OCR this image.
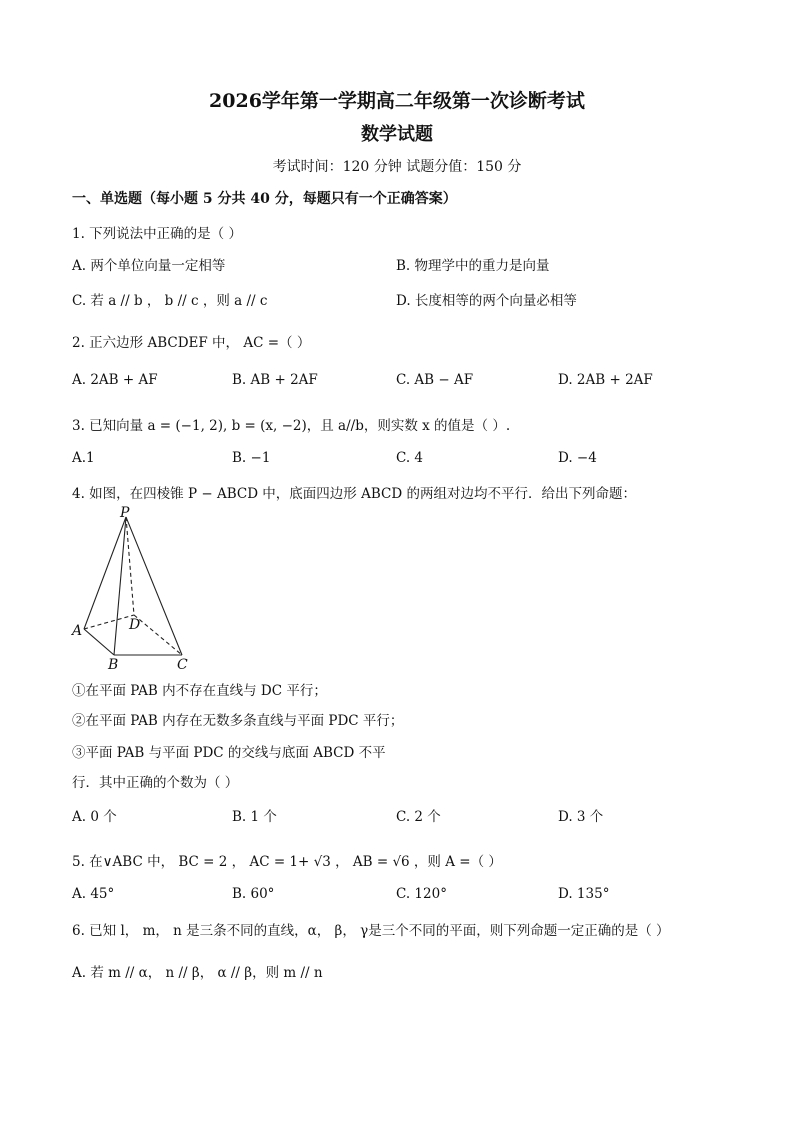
2026学年第一学期高二年级第一次诊断考试
数学试题
考试时间：120 分钟 试题分值：150 分
一、单选题（每小题 5 分共 40 分，每题只有一个正确答案）
1. 下列说法中正确的是（ ）
A. 两个单位向量一定相等	B. 物理学中的重力是向量
C. 若 a // b ， b // c ，则 a // c	D. 长度相等的两个向量必相等
2. 正六边形 ABCDEF 中， AC =（ ）
A. 2AB + AF	B. AB + 2AF	C. AB − AF	D. 2AB + 2AF
3. 已知向量 a = (−1, 2), b = (x, −2)，且 a//b，则实数 x 的值是（ ）.
A.1	B. −1	C. 4	D. −4
4. 如图，在四棱锥 P − ABCD 中，底面四边形 ABCD 的两组对边均不平行．给出下列命题：
P
A
B	C
D
①在平面 PAB 内不存在直线与 DC 平行；
②在平面 PAB 内存在无数多条直线与平面 PDC 平行；
③平面 PAB 与平面 PDC 的交线与底面 ABCD 不平
行．其中正确的个数为（ ）
A. 0 个	B. 1 个	C. 2 个	D. 3 个
5. 在∨ABC 中， BC = 2 ， AC = 1+ √3 ， AB = √6 ，则 A =（ ）
A. 45°	B. 60°	C. 120°	D. 135°
6. 已知 l， m， n 是三条不同的直线，α， β， γ是三个不同的平面，则下列命题一定正确的是（ ）
A. 若 m // α， n // β， α // β，则 m // n
